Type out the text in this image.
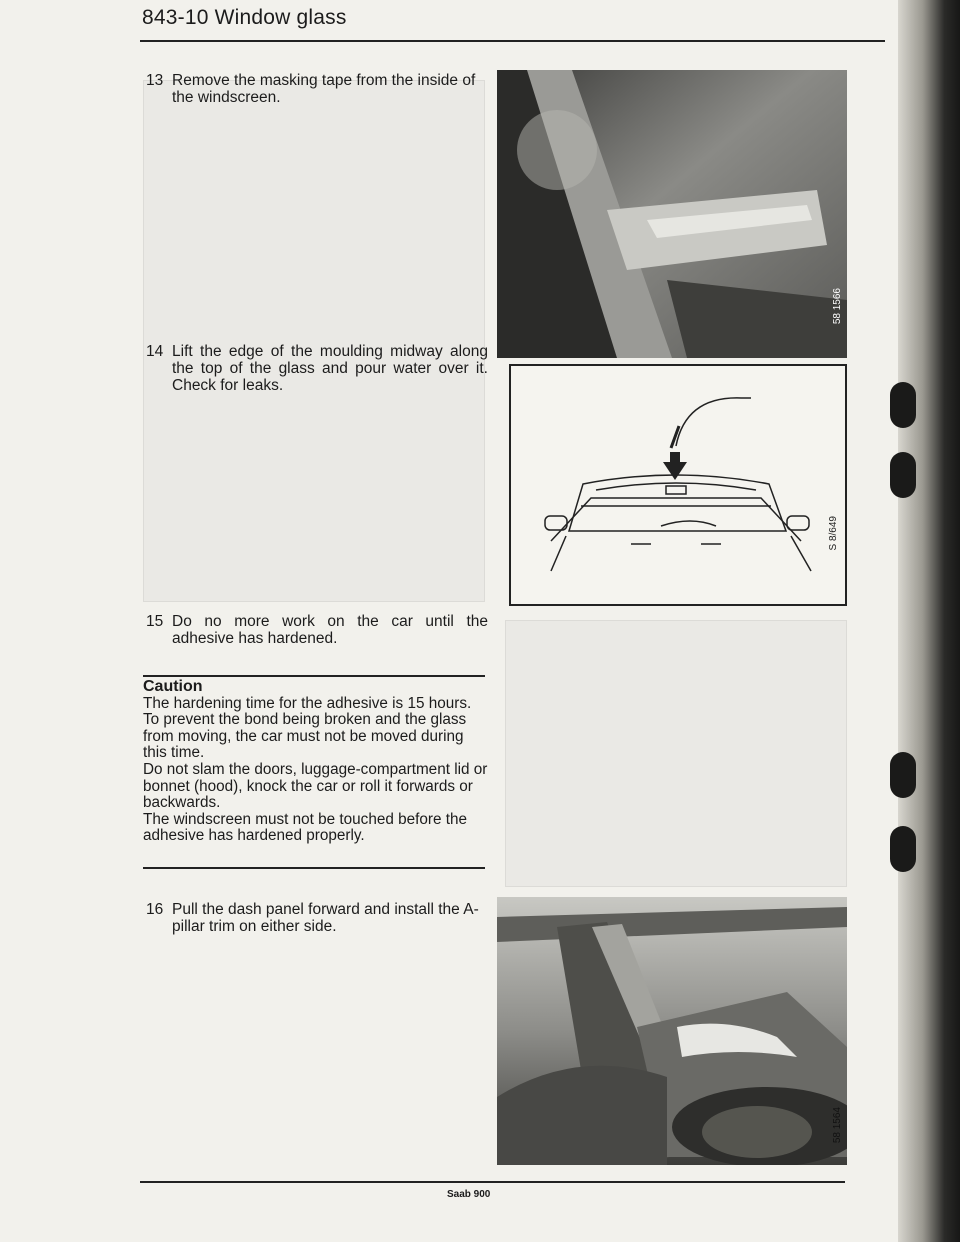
843-10 Window glass
13 Remove the masking tape from the inside of the windscreen.
14 Lift the edge of the moulding midway along the top of the glass and pour water over it. Check for leaks.
15 Do no more work on the car until the adhesive has hardened.
Caution

The hardening time for the adhesive is 15 hours. To prevent the bond being broken and the glass from moving, the car must not be moved during this time.

Do not slam the doors, luggage-compartment lid or bonnet (hood), knock the car or roll it forwards or backwards.

The windscreen must not be touched before the adhesive has hardened properly.

16 Pull the dash panel forward and install the A-pillar trim on either side.
58 1566
S 8/649
58 1564
Saab 900
